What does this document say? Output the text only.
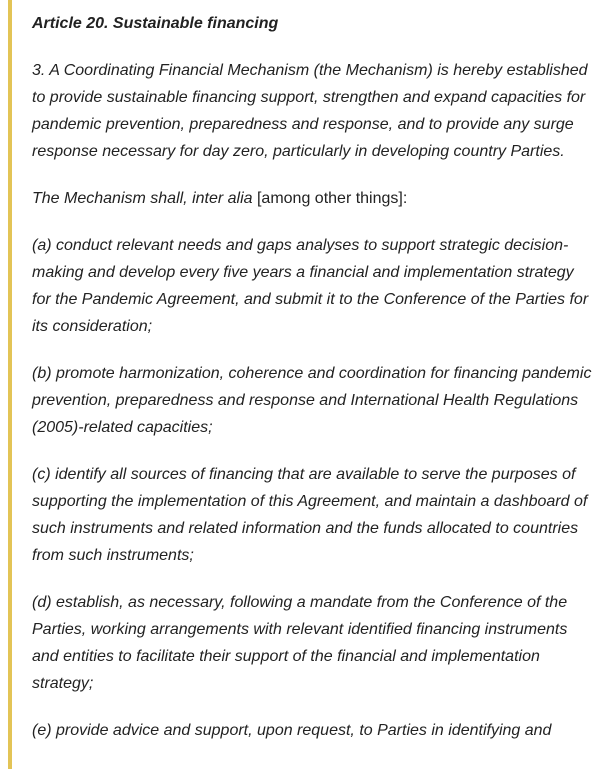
Article 20. Sustainable financing

3. A Coordinating Financial Mechanism (the Mechanism) is hereby established to provide sustainable financing support, strengthen and expand capacities for pandemic prevention, preparedness and response, and to provide any surge response necessary for day zero, particularly in developing country Parties.

The Mechanism shall, inter alia [among other things]:

(a) conduct relevant needs and gaps analyses to support strategic decision-making and develop every five years a financial and implementation strategy for the Pandemic Agreement, and submit it to the Conference of the Parties for its consideration;

(b) promote harmonization, coherence and coordination for financing pandemic prevention, preparedness and response and International Health Regulations (2005)-related capacities;

(c) identify all sources of financing that are available to serve the purposes of supporting the implementation of this Agreement, and maintain a dashboard of such instruments and related information and the funds allocated to countries from such instruments;

(d) establish, as necessary, following a mandate from the Conference of the Parties, working arrangements with relevant identified financing instruments and entities to facilitate their support of the financial and implementation strategy;

(e) provide advice and support, upon request, to Parties in identifying and
